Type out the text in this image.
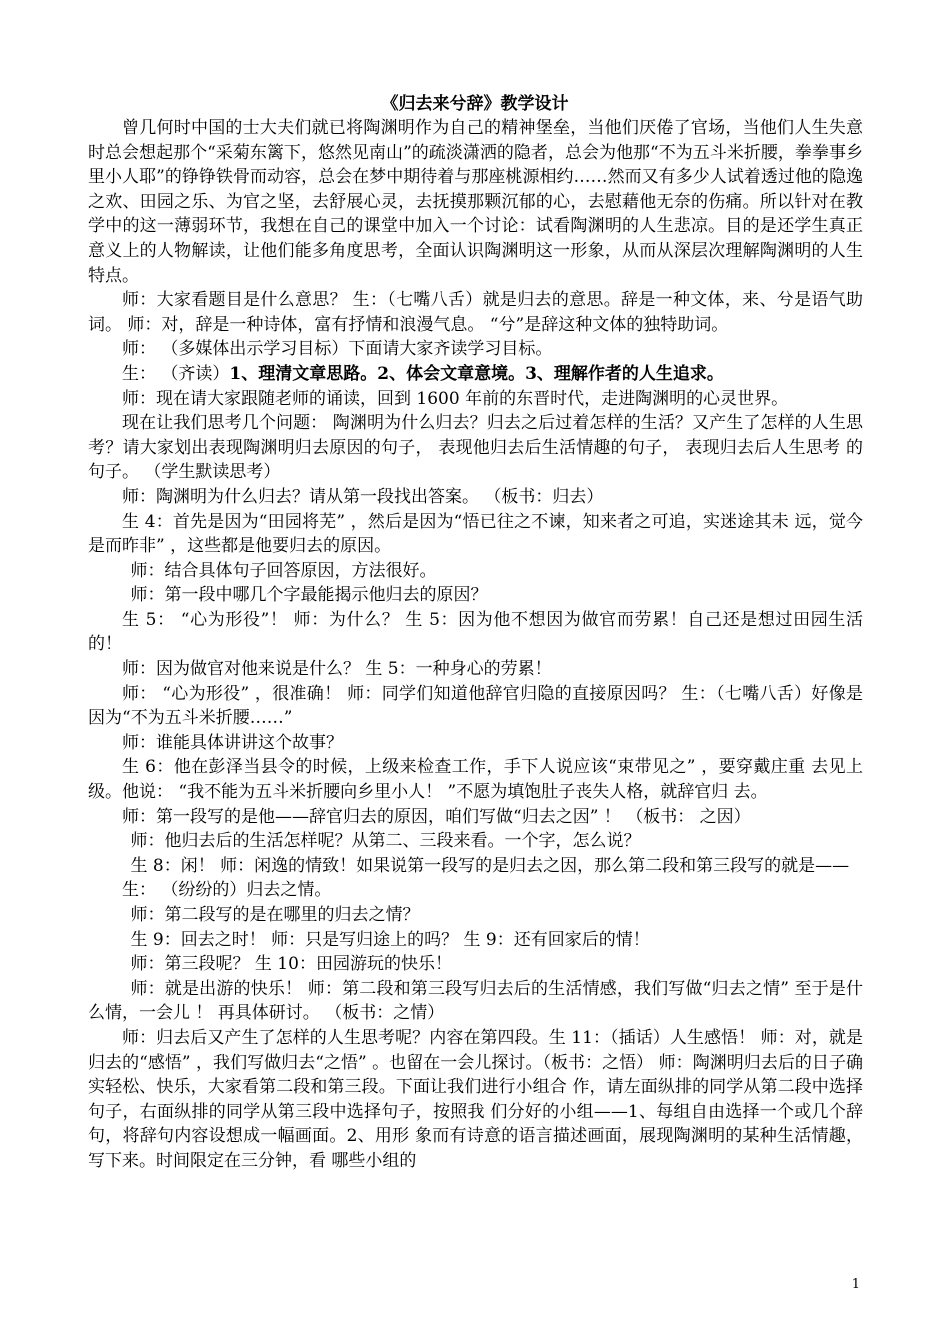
《归去来兮辞》教学设计

曾几何时中国的士大夫们就已将陶渊明作为自己的精神堡垒，当他们厌倦了官场，当他们人生失意时总会想起那个“采菊东篱下，悠然见南山”的疏淡潇洒的隐者，总会为他那“不为五斗米折腰，拳拳事乡里小人耶”的铮铮铁骨而动容，总会在梦中期待着与那座桃源相约……然而又有多少人试着透过他的隐逸之欢、田园之乐、为官之坚，去舒展心灵，去抚摸那颗沉郁的心，去慰藉他无奈的伤痛。所以针对在教学中的这一薄弱环节，我想在自己的课堂中加入一个讨论：试看陶渊明的人生悲凉。目的是还学生真正意义上的人物解读，让他们能多角度思考，全面认识陶渊明这一形象，从而从深层次理解陶渊明的人生特点。

师：大家看题目是什么意思？ 生：（七嘴八舌）就是归去的意思。辞是一种文体，来、兮是语气助词。 师：对，辞是一种诗体，富有抒情和浪漫气息。 “兮”是辞这种文体的独特助词。

师： （多媒体出示学习目标）下面请大家齐读学习目标。

生： （齐读）1、理清文章思路。2、体会文章意境。3、理解作者的人生追求。

师：现在请大家跟随老师的诵读，回到 1600 年前的东晋时代，走进陶渊明的心灵世界。

现在让我们思考几个问题： 陶渊明为什么归去？归去之后过着怎样的生活？又产生了怎样的人生思考？请大家划出表现陶渊明归去原因的句子， 表现他归去后生活情趣的句子， 表现归去后人生思考 的句子。 （学生默读思考）

师：陶渊明为什么归去？请从第一段找出答案。 （板书：归去）

生 4：首先是因为“田园将芜” ，然后是因为“悟已往之不谏，知来者之可追，实迷途其未 远，觉今是而昨非” ，这些都是他要归去的原因。

师：结合具体句子回答原因，方法很好。

师：第一段中哪几个字最能揭示他归去的原因？

生 5： “心为形役”！ 师：为什么？ 生 5：因为他不想因为做官而劳累！自己还是想过田园生活的！

师：因为做官对他来说是什么？ 生 5：一种身心的劳累！

师： “心为形役” ，很准确！ 师：同学们知道他辞官归隐的直接原因吗？ 生：（七嘴八舌）好像是因为“不为五斗米折腰……”

师：谁能具体讲讲这个故事？

生 6：他在彭泽当县令的时候，上级来检查工作，手下人说应该“束带见之” ，要穿戴庄重 去见上级。他说： “我不能为五斗米折腰向乡里小人！ ”不愿为填饱肚子丧失人格，就辞官归 去。

师：第一段写的是他——辞官归去的原因，咱们写做“归去之因” ！ （板书： 之因）

师：他归去后的生活怎样呢？从第二、三段来看。一个字，怎么说？

生 8：闲！ 师：闲逸的情致！如果说第一段写的是归去之因，那么第二段和第三段写的就是——

生： （纷纷的）归去之情。

师：第二段写的是在哪里的归去之情？

生 9：回去之时！ 师：只是写归途上的吗？ 生 9：还有回家后的情！

师：第三段呢？ 生 10：田园游玩的快乐！

师：就是出游的快乐！ 师：第二段和第三段写归去后的生活情感，我们写做“归去之情” 至于是什么情，一会儿 ！ 再具体研讨。 （板书：之情）

师：归去后又产生了怎样的人生思考呢？内容在第四段。生 11：（插话）人生感悟！ 师：对，就是归去的“感悟” ，我们写做归去“之悟” 。也留在一会儿探讨。（板书：之悟） 师：陶渊明归去后的日子确实轻松、快乐，大家看第二段和第三段。下面让我们进行小组合 作，请左面纵排的同学从第二段中选择句子，右面纵排的同学从第三段中选择句子，按照我 们分好的小组——1、每组自由选择一个或几个辞句，将辞句内容设想成一幅画面。2、用形 象而有诗意的语言描述画面，展现陶渊明的某种生活情趣，写下来。时间限定在三分钟，看 哪些小组的

1
